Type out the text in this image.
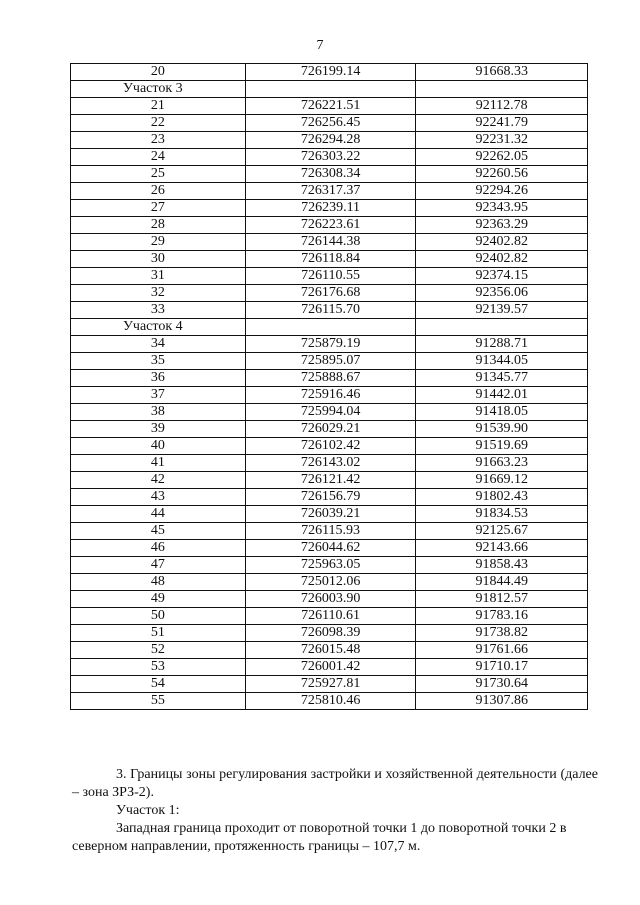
7
20	726199.14	91668.33
Участок 3		
21	726221.51	92112.78
22	726256.45	92241.79
23	726294.28	92231.32
24	726303.22	92262.05
25	726308.34	92260.56
26	726317.37	92294.26
27	726239.11	92343.95
28	726223.61	92363.29
29	726144.38	92402.82
30	726118.84	92402.82
31	726110.55	92374.15
32	726176.68	92356.06
33	726115.70	92139.57
Участок 4		
34	725879.19	91288.71
35	725895.07	91344.05
36	725888.67	91345.77
37	725916.46	91442.01
38	725994.04	91418.05
39	726029.21	91539.90
40	726102.42	91519.69
41	726143.02	91663.23
42	726121.42	91669.12
43	726156.79	91802.43
44	726039.21	91834.53
45	726115.93	92125.67
46	726044.62	92143.66
47	725963.05	91858.43
48	725012.06	91844.49
49	726003.90	91812.57
50	726110.61	91783.16
51	726098.39	91738.82
52	726015.48	91761.66
53	726001.42	91710.17
54	725927.81	91730.64
55	725810.46	91307.86
3. Границы зоны регулирования застройки и хозяйственной деятельности (далее – зона ЗРЗ-2).
Участок 1:
Западная граница проходит от поворотной точки 1 до поворотной точки 2 в северном направлении, протяженность границы – 107,7 м.
